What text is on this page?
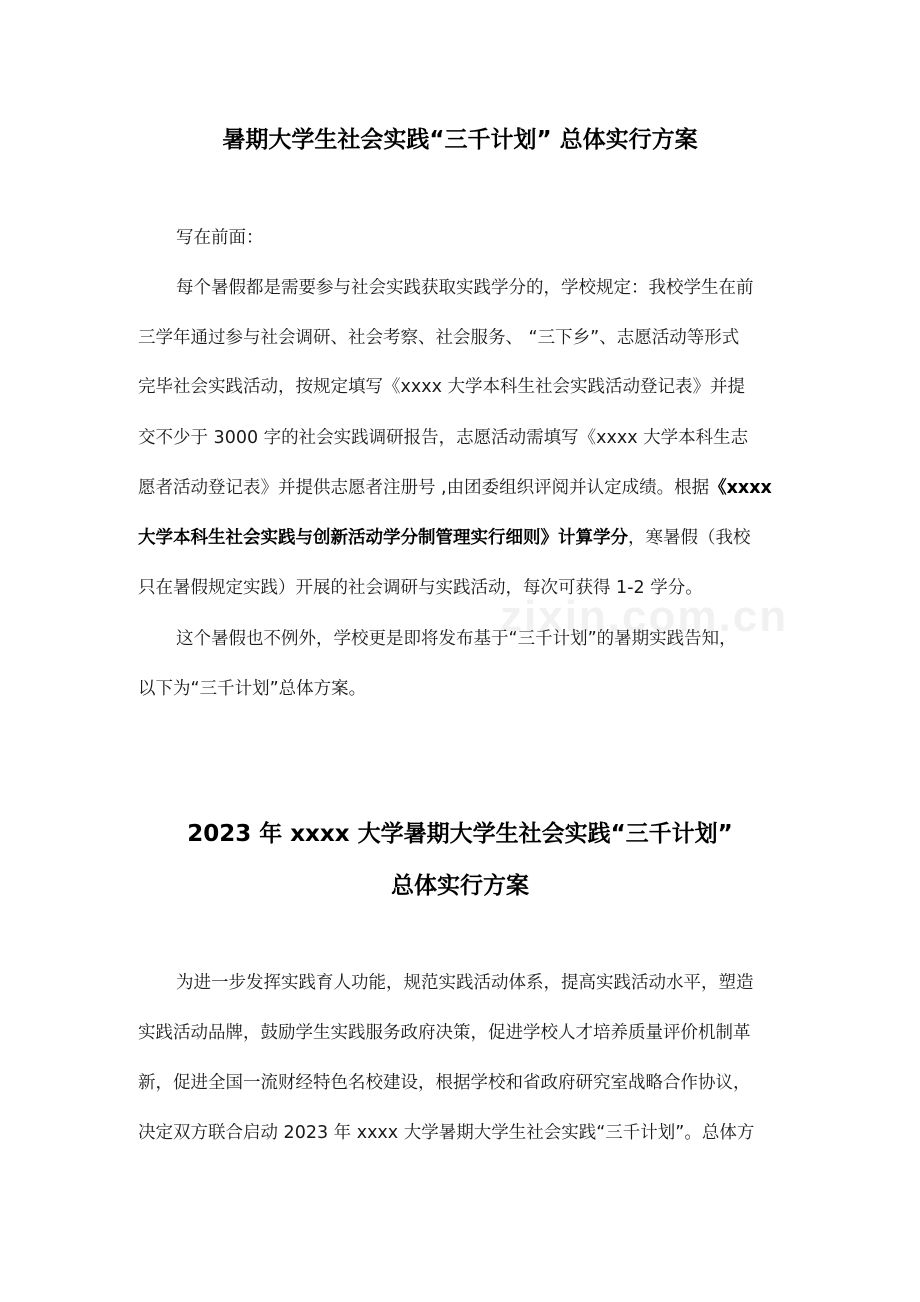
zixin.com.cn
暑期大学生社会实践“三千计划” 总体实行方案
写在前面：
每个暑假都是需要参与社会实践获取实践学分的，学校规定：我校学生在前
三学年通过参与社会调研、社会考察、社会服务、 “三下乡”、志愿活动等形式
完毕社会实践活动，按规定填写《xxxx 大学本科生社会实践活动登记表》并提
交不少于 3000 字的社会实践调研报告，志愿活动需填写《xxxx 大学本科生志
愿者活动登记表》并提供志愿者注册号 ,由团委组织评阅并认定成绩。根据《xxxx
大学本科生社会实践与创新活动学分制管理实行细则》计算学分，寒暑假（我校
只在暑假规定实践）开展的社会调研与实践活动，每次可获得 1-2 学分。
这个暑假也不例外，学校更是即将发布基于“三千计划”的暑期实践告知，
以下为“三千计划”总体方案。
2023 年 xxxx 大学暑期大学生社会实践“三千计划”
总体实行方案
为进一步发挥实践育人功能，规范实践活动体系，提高实践活动水平，塑造
实践活动品牌，鼓励学生实践服务政府决策，促进学校人才培养质量评价机制革
新，促进全国一流财经特色名校建设，根据学校和省政府研究室战略合作协议，
决定双方联合启动 2023 年 xxxx 大学暑期大学生社会实践“三千计划”。总体方
